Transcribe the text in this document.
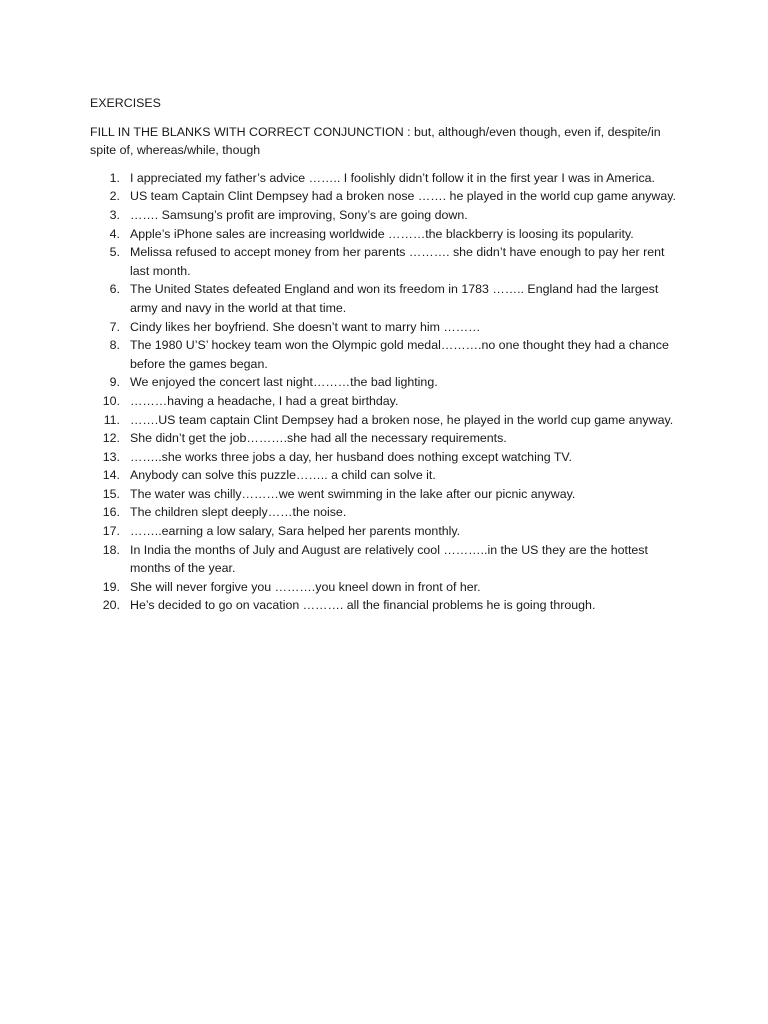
EXERCISES

FILL IN THE BLANKS WITH CORRECT CONJUNCTION : but, although/even though, even if, despite/in spite of, whereas/while, though

1. I appreciated my father’s advice …….. I foolishly didn’t follow it in the first year I was in America.
2. US team Captain Clint Dempsey had a broken nose ……. he played in the world cup game anyway.
3. ……. Samsung’s profit are improving, Sony’s are going down.
4. Apple’s iPhone sales are increasing worldwide ………the blackberry is loosing its popularity.
5. Melissa refused to accept money from her parents ………. she didn’t have enough to pay her rent last month.
6. The United States defeated England and won its freedom in 1783 …….. England had the largest army and navy in the world at that time.
7. Cindy likes her boyfriend. She doesn’t want to marry him ………
8. The 1980 U’S’ hockey team won the Olympic gold medal……….no one thought they had a chance before the games began.
9. We enjoyed the concert last night………the bad lighting.
10. ………having a headache, I had a great birthday.
11. …….US team captain Clint Dempsey had a broken nose, he played in the world cup game anyway.
12. She didn’t get the job……….she had all the necessary requirements.
13. ……..she works three jobs a day, her husband does nothing except watching TV.
14. Anybody can solve this puzzle…….. a child can solve it.
15. The water was chilly………we went swimming in the lake after our picnic anyway.
16. The children slept deeply……the noise.
17. ……..earning a low salary, Sara helped her parents monthly.
18. In India the months of July and August are relatively cool ………..in the US they are the hottest months of the year.
19. She will never forgive you ……….you kneel down in front of her.
20. He’s decided to go on vacation ………. all the financial problems he is going through.
